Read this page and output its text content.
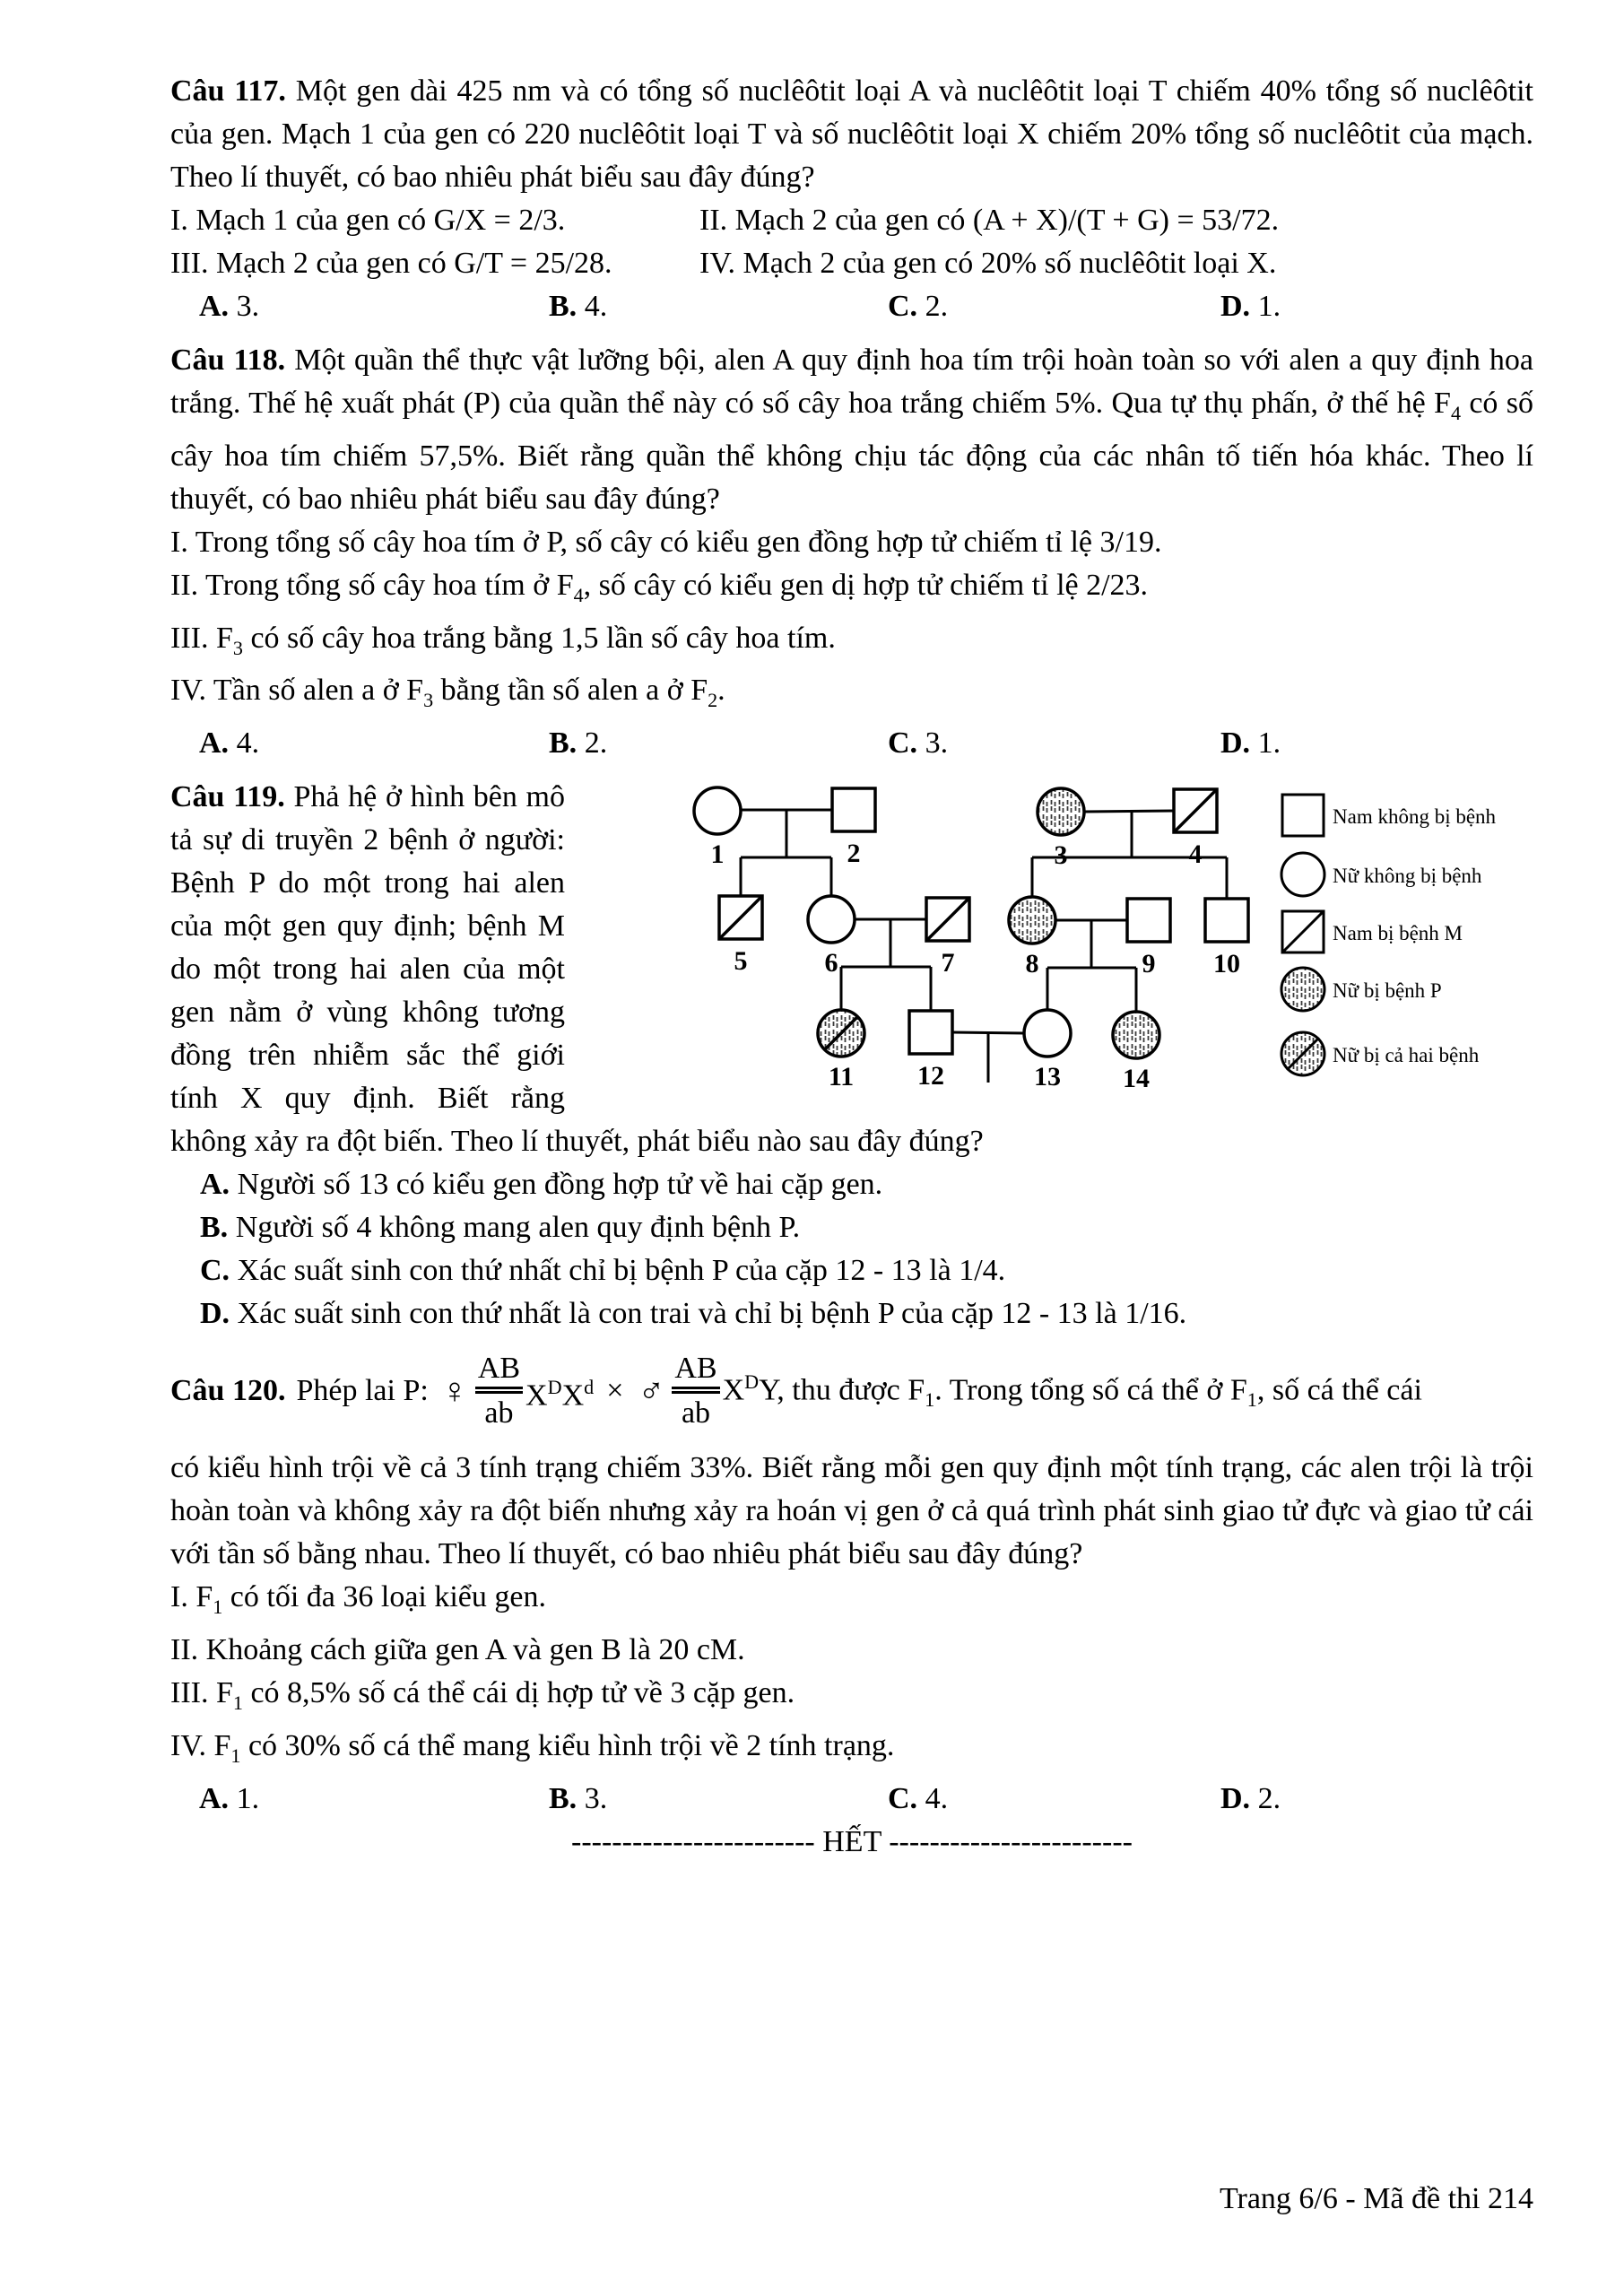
Câu 117. Một gen dài 425 nm và có tổng số nuclêôtit loại A và nuclêôtit loại T chiếm 40% tổng số nuclêôtit của gen. Mạch 1 của gen có 220 nuclêôtit loại T và số nuclêôtit loại X chiếm 20% tổng số nuclêôtit của mạch. Theo lí thuyết, có bao nhiêu phát biểu sau đây đúng?

I. Mạch 1 của gen có G/X = 2/3.	II. Mạch 2 của gen có (A + X)/(T + G) = 53/72.
III. Mạch 2 của gen có G/T = 25/28.	IV. Mạch 2 của gen có 20% số nuclêôtit loại X.
A. 3.	B. 4.	C. 2.	D. 1.

Câu 118. Một quần thể thực vật lưỡng bội, alen A quy định hoa tím trội hoàn toàn so với alen a quy định hoa trắng. Thế hệ xuất phát (P) của quần thể này có số cây hoa trắng chiếm 5%. Qua tự thụ phấn, ở thế hệ $F_4$ có số cây hoa tím chiếm 57,5%. Biết rằng quần thể không chịu tác động của các nhân tố tiến hóa khác. Theo lí thuyết, có bao nhiêu phát biểu sau đây đúng?

I. Trong tổng số cây hoa tím ở P, số cây có kiểu gen đồng hợp tử chiếm tỉ lệ 3/19.
II. Trong tổng số cây hoa tím ở $F_4$, số cây có kiểu gen dị hợp tử chiếm tỉ lệ 2/23.
III. $F_3$ có số cây hoa trắng bằng 1,5 lần số cây hoa tím.
IV. Tần số alen a ở $F_3$ bằng tần số alen a ở $F_2$.
A. 4.	B. 2.	C. 3.	D. 1.
1	2	3	4
5	6	7	8	9 10
11 12	13 14
Nam không bị bệnh
Nữ không bị bệnh
Nam bị bệnh M
Nữ bị bệnh P
Nữ bị cả hai bệnh

Câu 119. Phả hệ ở hình bên mô tả sự di truyền 2 bệnh ở người: Bệnh P do một trong hai alen của một gen quy định; bệnh M do một trong hai alen của một gen nằm ở vùng không tương đồng trên nhiễm sắc thể giới tính X quy định. Biết rằng không xảy ra đột biến. Theo lí thuyết, phát biểu nào sau đây đúng?

A. Người số 13 có kiểu gen đồng hợp tử về hai cặp gen.
B. Người số 4 không mang alen quy định bệnh P.
C. Xác suất sinh con thứ nhất chỉ bị bệnh P của cặp 12 - 13 là 1/4.
D. Xác suất sinh con thứ nhất là con trai và chỉ bị bệnh P của cặp 12 - 13 là 1/16.
Câu 120. Phép lai P: ♀ $\frac{AB}{ab} X^DX^d$ × ♂ $\frac{AB}{ab} X^DY$, thu được $F_1$. Trong tổng số cá thể ở $F_1$, số cá thể cái

có kiểu hình trội về cả 3 tính trạng chiếm 33%. Biết rằng mỗi gen quy định một tính trạng, các alen trội là trội hoàn toàn và không xảy ra đột biến nhưng xảy ra hoán vị gen ở cả quá trình phát sinh giao tử đực và giao tử cái với tần số bằng nhau. Theo lí thuyết, có bao nhiêu phát biểu sau đây đúng?

I. $F_1$ có tối đa 36 loại kiểu gen.
II. Khoảng cách giữa gen A và gen B là 20 cM.
III. $F_1$ có 8,5% số cá thể cái dị hợp tử về 3 cặp gen.
IV. $F_1$ có 30% số cá thể mang kiểu hình trội về 2 tính trạng.
A. 1.	B. 3.	C. 4.	D. 2.
------------------------ HẾT ------------------------
Trang 6/6 - Mã đề thi 214
